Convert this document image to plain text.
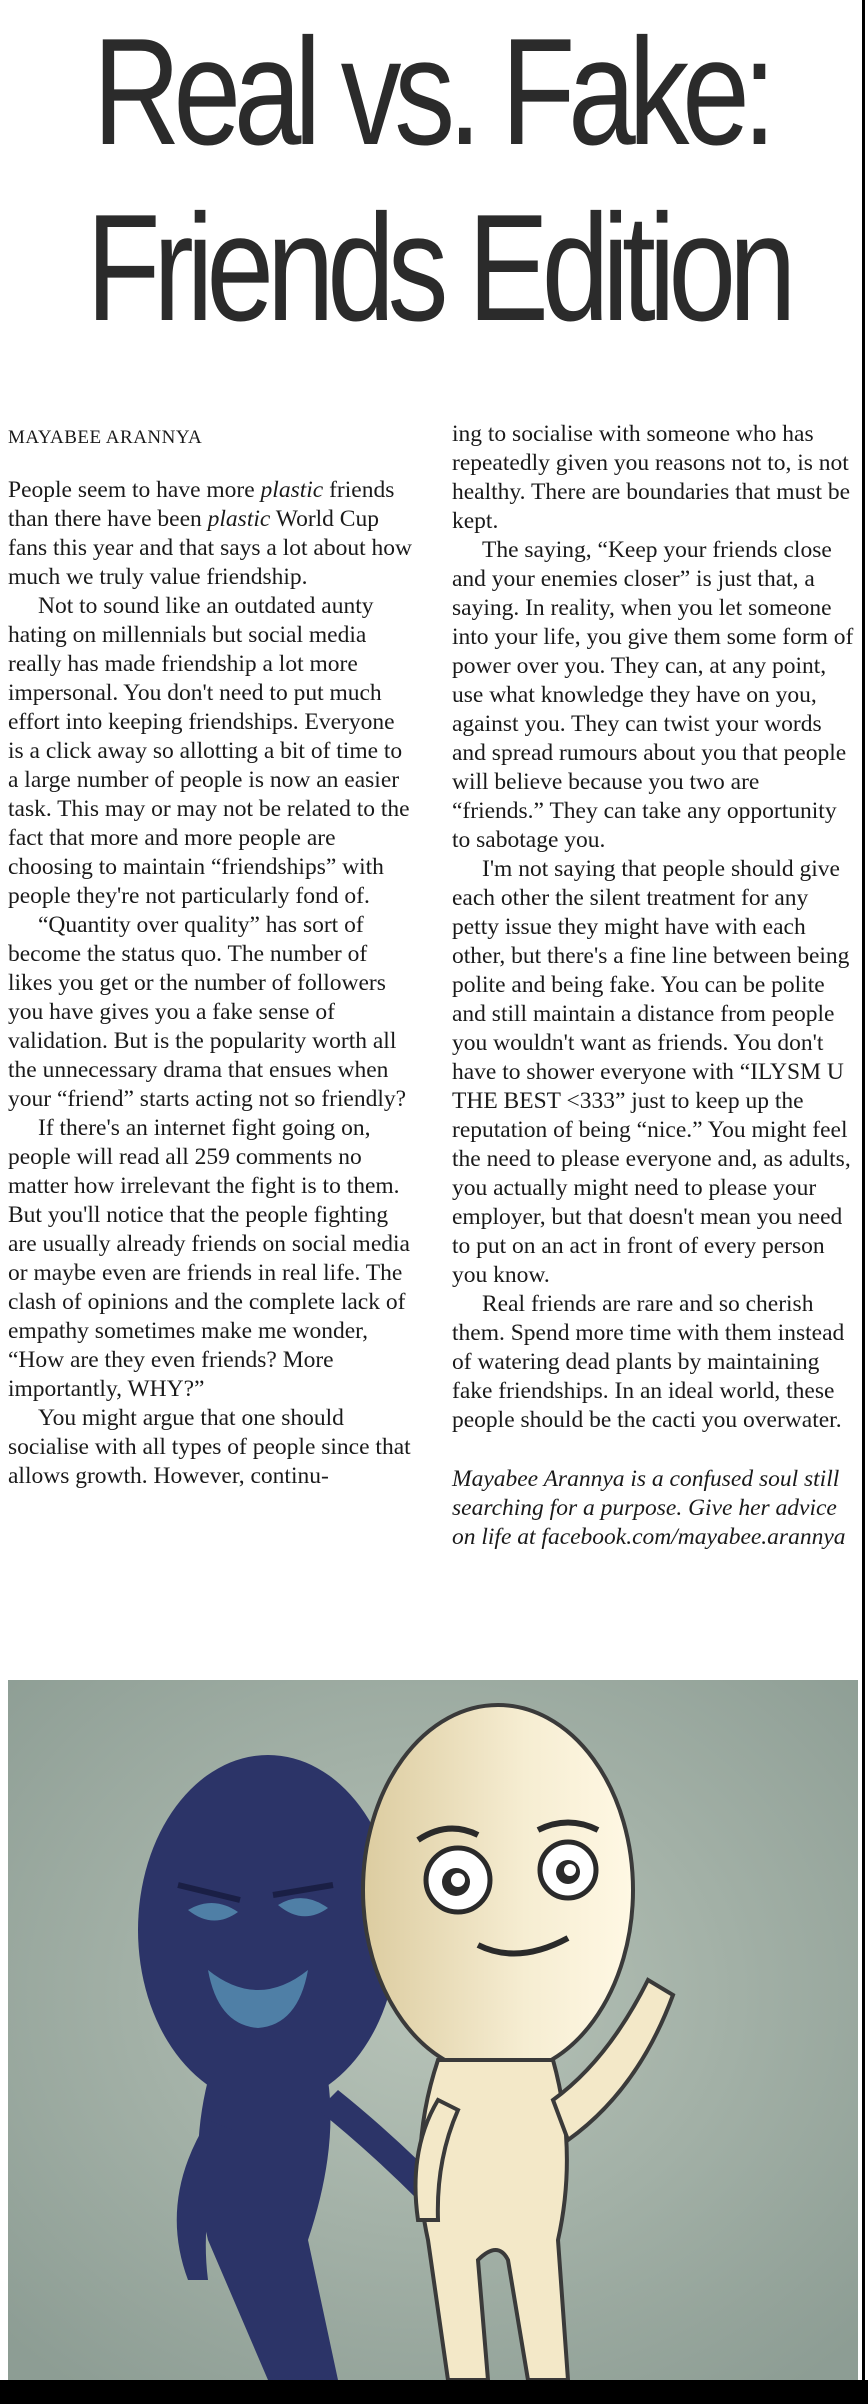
Real vs. Fake:
Friends Edition
MAYABEE ARANNYA

People seem to have more plastic friends than there have been plastic World Cup fans this year and that says a lot about how much we truly value friendship.

Not to sound like an outdated aunty hating on millennials but social media really has made friendship a lot more impersonal. You don't need to put much effort into keeping friendships. Everyone is a click away so allotting a bit of time to a large number of people is now an easier task. This may or may not be related to the fact that more and more people are choosing to maintain “friendships” with people they're not particularly fond of.

“Quantity over quality” has sort of become the status quo. The number of likes you get or the number of followers you have gives you a fake sense of validation. But is the popularity worth all the unnecessary drama that ensues when your “friend” starts acting not so friendly?

If there's an internet fight going on, people will read all 259 comments no matter how irrelevant the fight is to them. But you'll notice that the people fighting are usually already friends on social media or maybe even are friends in real life. The clash of opinions and the complete lack of empathy sometimes make me wonder, “How are they even friends? More importantly, WHY?”

You might argue that one should socialise with all types of people since that allows growth. However, continu-

ing to socialise with someone who has repeatedly given you reasons not to, is not healthy. There are boundaries that must be kept.

The saying, “Keep your friends close and your enemies closer” is just that, a saying. In reality, when you let someone into your life, you give them some form of power over you. They can, at any point, use what knowledge they have on you, against you. They can twist your words and spread rumours about you that people will believe because you two are “friends.” They can take any opportunity to sabotage you.

I'm not saying that people should give each other the silent treatment for any petty issue they might have with each other, but there's a fine line between being polite and being fake. You can be polite and still maintain a distance from people you wouldn't want as friends. You don't have to shower everyone with “ILYSM U THE BEST <333” just to keep up the reputation of being “nice.” You might feel the need to please everyone and, as adults, you actually might need to please your employer, but that doesn't mean you need to put on an act in front of every person you know.

Real friends are rare and so cherish them. Spend more time with them instead of watering dead plants by maintaining fake friendships. In an ideal world, these people should be the cacti you overwater.

Mayabee Arannya is a confused soul still searching for a purpose. Give her advice on life at facebook.com/mayabee.arannya
